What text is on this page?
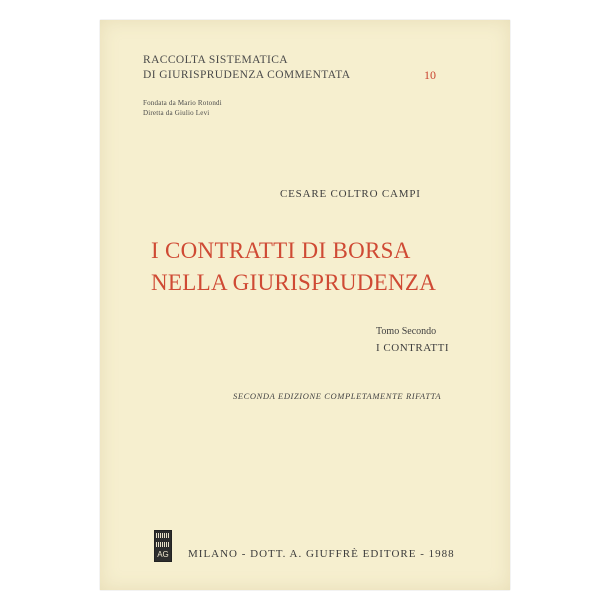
RACCOLTA SISTEMATICA
DI GIURISPRUDENZA COMMENTATA	10
Fondata da Mario Rotondi
Diretta da Giulio Levi
CESARE COLTRO CAMPI
I CONTRATTI DI BORSA
NELLA GIURISPRUDENZA
Tomo Secondo
I CONTRATTI
SECONDA EDIZIONE COMPLETAMENTE RIFATTA
AG MILANO - DOTT. A. GIUFFRÈ EDITORE - 1988
